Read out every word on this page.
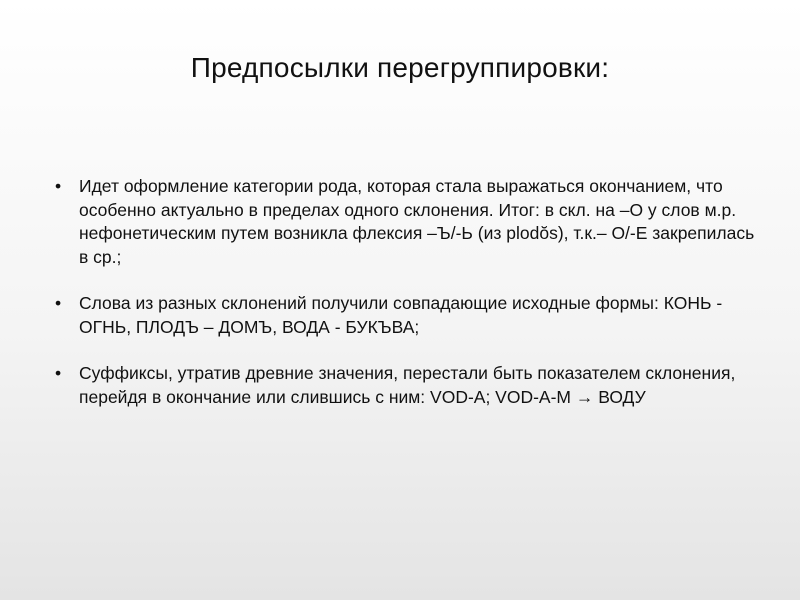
Предпосылки перегруппировки:
•	Идет оформление категории рода, которая стала выражаться окончанием, что особенно актуально в пределах одного склонения. Итог: в скл. на –О у слов м.р. нефонетическим путем возникла флексия –Ъ/-Ь (из plodŏs), т.к.– О/-Е закрепилась в ср.;
•	Слова из разных склонений получили совпадающие исходные формы: КОНЬ - ОГНЬ, ПЛОДЪ – ДОМЪ, ВОДА - БУКЪВА;
•	Суффиксы, утратив древние значения, перестали быть показателем склонения, перейдя в окончание или слившись с ним: VOD-A; VOD-A-M → ВОДУ
